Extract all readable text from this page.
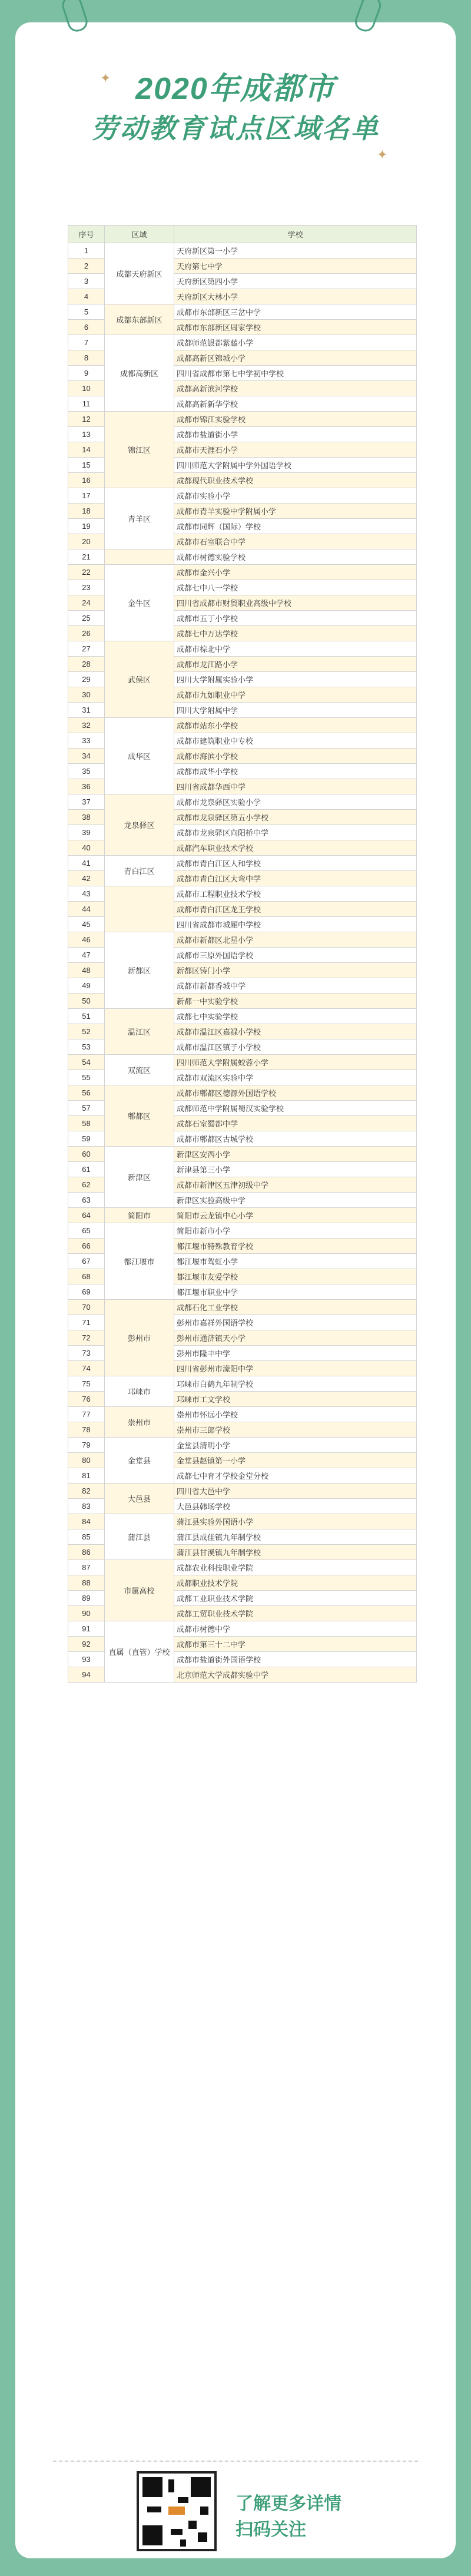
✦
✦
2020年成都市
劳动教育试点区域名单
序号	区域	学校
1	成都天府新区	天府新区第一小学
2		天府第七中学
3		天府新区第四小学
4		天府新区大林小学
5	成都东部新区	成都市东部新区三岔中学
6		成都市东部新区周家学校
7	成都高新区	成都师范银都紫藤小学
8		成都高新区锦城小学
9		四川省成都市第七中学初中学校
10		成都高新滨河学校
11		成都高新新华学校
12	锦江区	成都市锦江实验学校
13		成都市盐道街小学
14		成都市天涯石小学
15		四川师范大学附属中学外国语学校
16		成都现代职业技术学校
17	青羊区	成都市实验小学
18		成都市青羊实验中学附属小学
19		成都市同辉（国际）学校
20		成都市石室联合中学
21		成都市树德实验学校
22	金牛区	成都市金兴小学
23		成都七中八一学校
24		四川省成都市财贸职业高级中学校
25		成都市五丁小学校
26		成都七中万达学校
27	武侯区	成都市棕北中学
28		成都市龙江路小学
29		四川大学附属实验小学
30		成都市九如职业中学
31		四川大学附属中学
32	成华区	成都市站东小学校
33		成都市建筑职业中专校
34		成都市海滨小学校
35		成都市成华小学校
36		四川省成都华西中学
37	龙泉驿区	成都市龙泉驿区实验小学
38		成都市龙泉驿区第五小学校
39		成都市龙泉驿区向阳桥中学
40		成都汽车职业技术学校
41	青白江区	成都市青白江区人和学校
42		成都市青白江区大弯中学
43		成都市工程职业技术学校
44		成都市青白江区龙王学校
45		四川省成都市城厢中学校
46	新都区	成都市新都区北星小学
47		成都市三原外国语学校
48		新都区铸门小学
49		成都市新都香城中学
50		新都一中实验学校
51	温江区	成都七中实验学校
52		成都市温江区嘉禄小学校
53		成都市温江区镇子小学校
54	双流区	四川师范大学附属蛟蓉小学
55		成都市双流区实验中学
56	郫都区	成都市郫都区德源外国语学校
57		成都师范中学附属蜀汉实验学校
58		成都石室蜀都中学
59		成都市郫都区古城学校
60	新津区	新津区安西小学
61		新津县第三小学
62		成都市新津区五津初级中学
63		新津区实验高级中学
64	简阳市	简阳市云龙镇中心小学
65	都江堰市	简阳市新市小学
66		都江堰市特殊教育学校
67		都江堰市驾虹小学
68		都江堰市友爱学校
69		都江堰市职业中学
70	彭州市	成都石化工业学校
71		彭州市嘉祥外国语学校
72		彭州市通济镇天小学
73		彭州市隆丰中学
74		四川省彭州市濛阳中学
75	邛崃市	邛崃市白鹤九年制学校
76		邛崃市工文学校
77	崇州市	崇州市怀远小学校
78		崇州市三郎学校
79	金堂县	金堂县清明小学
80		金堂县赵镇第一小学
81		成都七中育才学校金堂分校
82	大邑县	四川省大邑中学
83		大邑县韩场学校
84	蒲江县	蒲江县实验外国语小学
85		蒲江县成佳镇九年制学校
86		蒲江县甘溪镇九年制学校
87	市属高校	成都农业科技职业学院
88		成都职业技术学院
89		成都工业职业技术学院
90		成都工贸职业技术学院
91	直属（直管）学校	成都市树德中学
92		成都市第三十二中学
93		成都市盐道街外国语学校
94		北京师范大学成都实验中学
了解更多详情
扫码关注
